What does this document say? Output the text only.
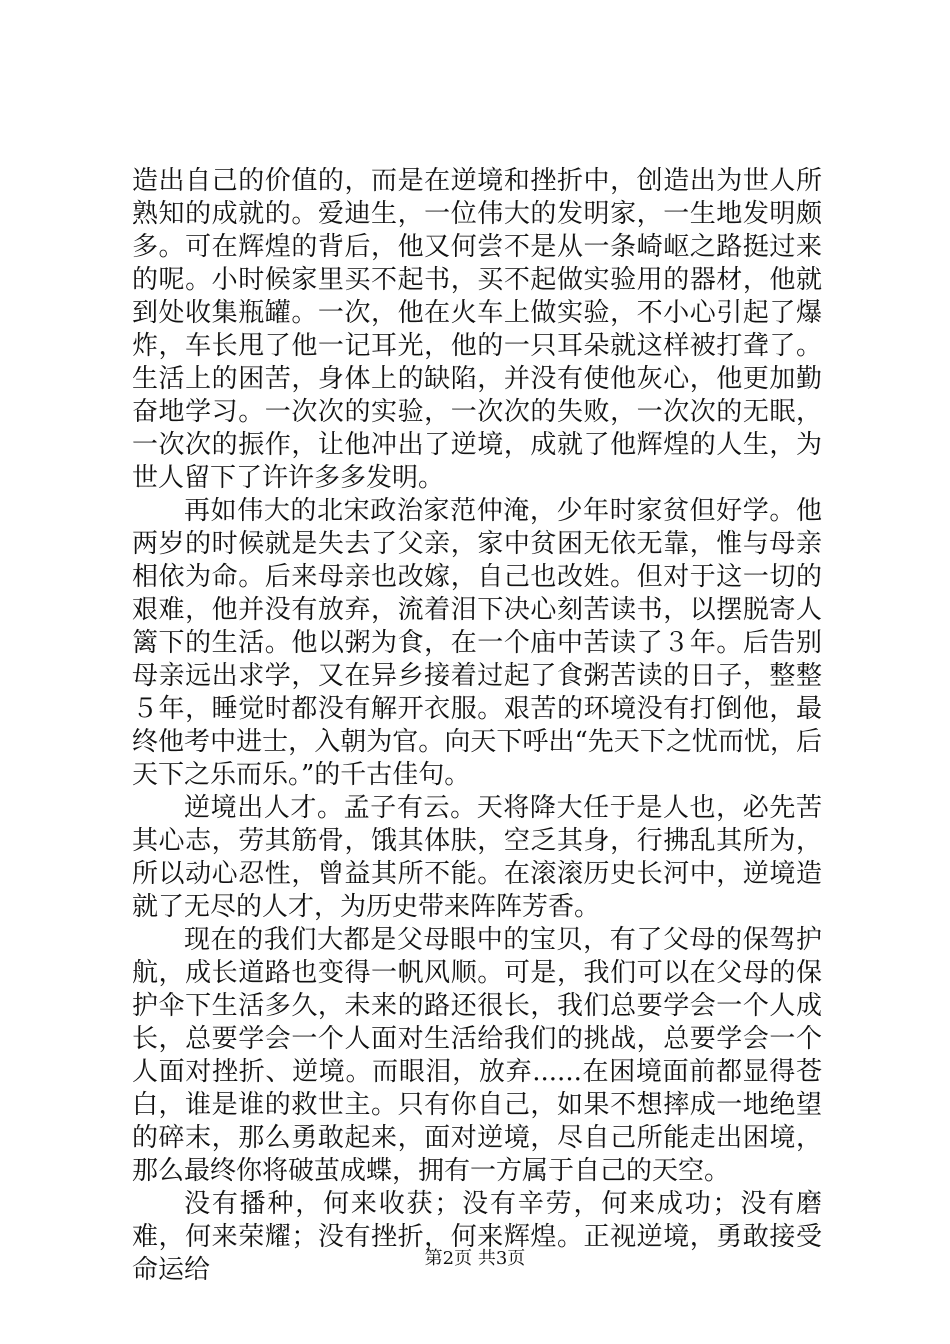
造出自己的价值的，而是在逆境和挫折中，创造出为世人所熟知的成就的。爱迪生，一位伟大的发明家，一生地发明颇多。可在辉煌的背后，他又何尝不是从一条崎岖之路挺过来的呢。小时候家里买不起书，买不起做实验用的器材，他就到处收集瓶罐。一次，他在火车上做实验，不小心引起了爆炸，车长甩了他一记耳光，他的一只耳朵就这样被打聋了。生活上的困苦，身体上的缺陷，并没有使他灰心，他更加勤奋地学习。一次次的实验，一次次的失败，一次次的无眠，一次次的振作，让他冲出了逆境，成就了他辉煌的人生，为世人留下了许许多多发明。

再如伟大的北宋政治家范仲淹，少年时家贫但好学。他两岁的时候就是失去了父亲，家中贫困无依无靠，惟与母亲相依为命。后来母亲也改嫁，自己也改姓。但对于这一切的艰难，他并没有放弃，流着泪下决心刻苦读书，以摆脱寄人篱下的生活。他以粥为食，在一个庙中苦读了３年。后告别母亲远出求学，又在异乡接着过起了食粥苦读的日子，整整５年，睡觉时都没有解开衣服。艰苦的环境没有打倒他，最终他考中进士，入朝为官。向天下呼出“先天下之忧而忧，后天下之乐而乐。”的千古佳句。

逆境出人才。孟子有云。天将降大任于是人也，必先苦其心志，劳其筋骨，饿其体肤，空乏其身，行拂乱其所为，所以动心忍性，曾益其所不能。在滚滚历史长河中，逆境造就了无尽的人才，为历史带来阵阵芳香。

现在的我们大都是父母眼中的宝贝，有了父母的保驾护航，成长道路也变得一帆风顺。可是，我们可以在父母的保护伞下生活多久，未来的路还很长，我们总要学会一个人成长，总要学会一个人面对生活给我们的挑战，总要学会一个人面对挫折、逆境。而眼泪，放弃......在困境面前都显得苍白，谁是谁的救世主。只有你自己，如果不想摔成一地绝望的碎末，那么勇敢起来，面对逆境，尽自己所能走出困境，那么最终你将破茧成蝶，拥有一方属于自己的天空。

没有播种，何来收获；没有辛劳，何来成功；没有磨难，何来荣耀；没有挫折，何来辉煌。正视逆境，勇敢接受命运给	第2页 共3页
